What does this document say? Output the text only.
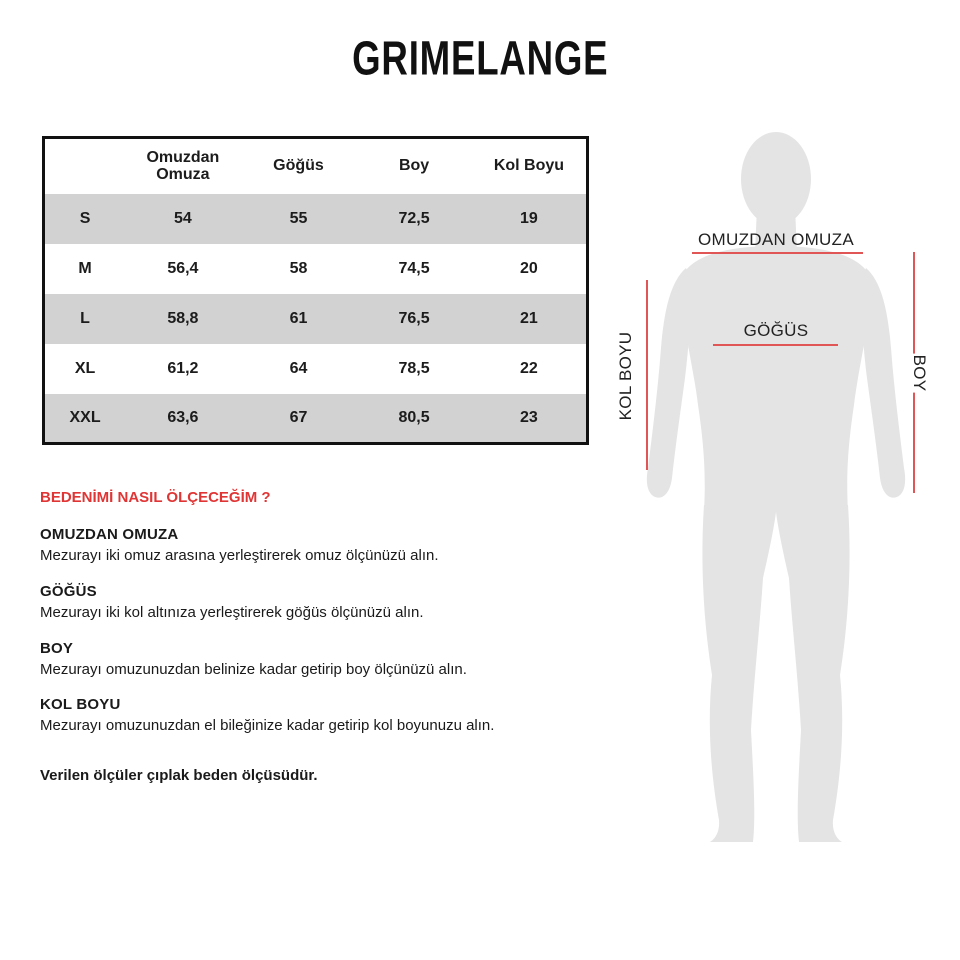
GRIMELANGE
	Omuzdan Omuza	Göğüs	Boy	Kol Boyu
S	54	55	72,5	19
M	56,4	58	74,5	20
L	58,8	61	76,5	21
XL	61,2	64	78,5	22
XXL	63,6	67	80,5	23
BEDENİMİ NASIL ÖLÇECEĞİM ?
OMUZDAN OMUZA

Mezurayı iki omuz arasına yerleştirerek omuz ölçünüzü alın.

GÖĞÜS

Mezurayı iki kol altınıza yerleştirerek göğüs ölçünüzü alın.

BOY

Mezurayı omuzunuzdan belinize kadar getirip boy ölçünüzü alın.

KOL BOYU

Mezurayı omuzunuzdan el bileğinize kadar getirip kol boyunuzu alın.

Verilen ölçüler çıplak beden ölçüsüdür.
OMUZDAN OMUZA
GÖĞÜS
KOL BOYU	BOY
